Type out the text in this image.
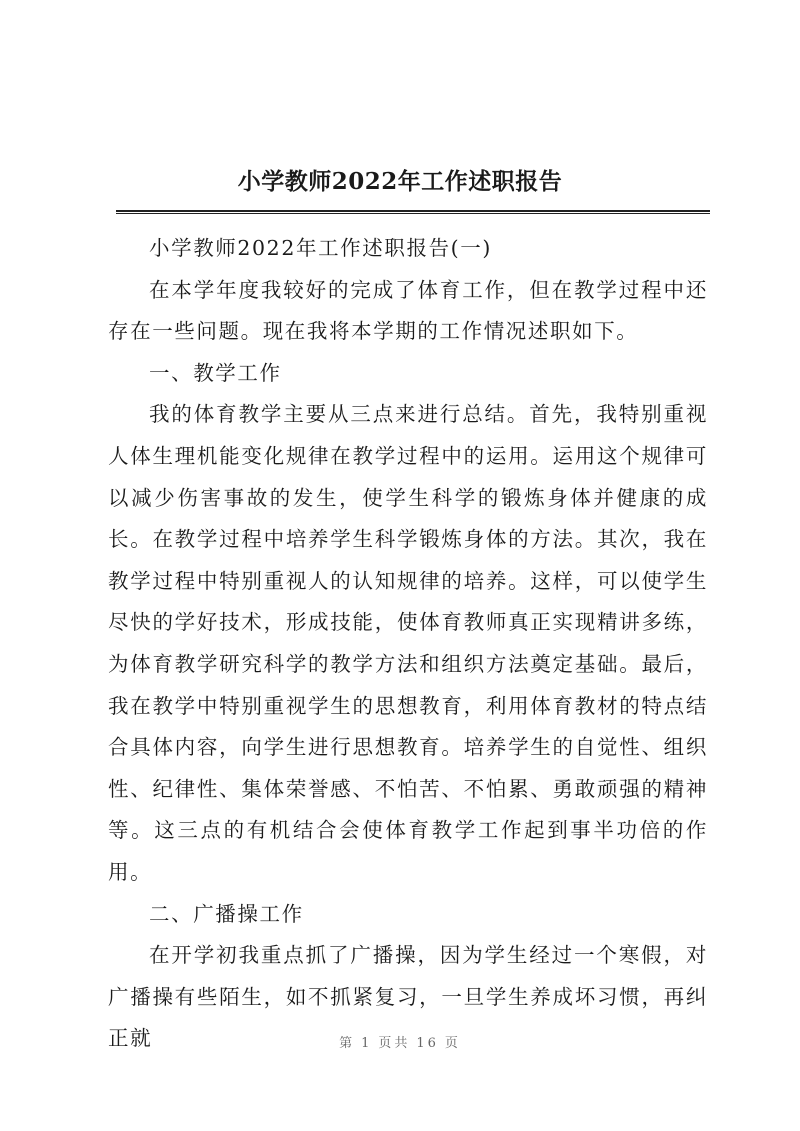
小学教师2022年工作述职报告

小学教师2022年工作述职报告(一)

在本学年度我较好的完成了体育工作，但在教学过程中还存在一些问题。现在我将本学期的工作情况述职如下。

一、教学工作

我的体育教学主要从三点来进行总结。首先，我特别重视人体生理机能变化规律在教学过程中的运用。运用这个规律可以减少伤害事故的发生，使学生科学的锻炼身体并健康的成长。在教学过程中培养学生科学锻炼身体的方法。其次，我在教学过程中特别重视人的认知规律的培养。这样，可以使学生尽快的学好技术，形成技能，使体育教师真正实现精讲多练，为体育教学研究科学的教学方法和组织方法奠定基础。最后，我在教学中特别重视学生的思想教育，利用体育教材的特点结合具体内容，向学生进行思想教育。培养学生的自觉性、组织性、纪律性、集体荣誉感、不怕苦、不怕累、勇敢顽强的精神等。这三点的有机结合会使体育教学工作起到事半功倍的作用。

二、广播操工作

在开学初我重点抓了广播操，因为学生经过一个寒假，对广播操有些陌生，如不抓紧复习，一旦学生养成坏习惯，再纠正就	第 1 页共 16 页
